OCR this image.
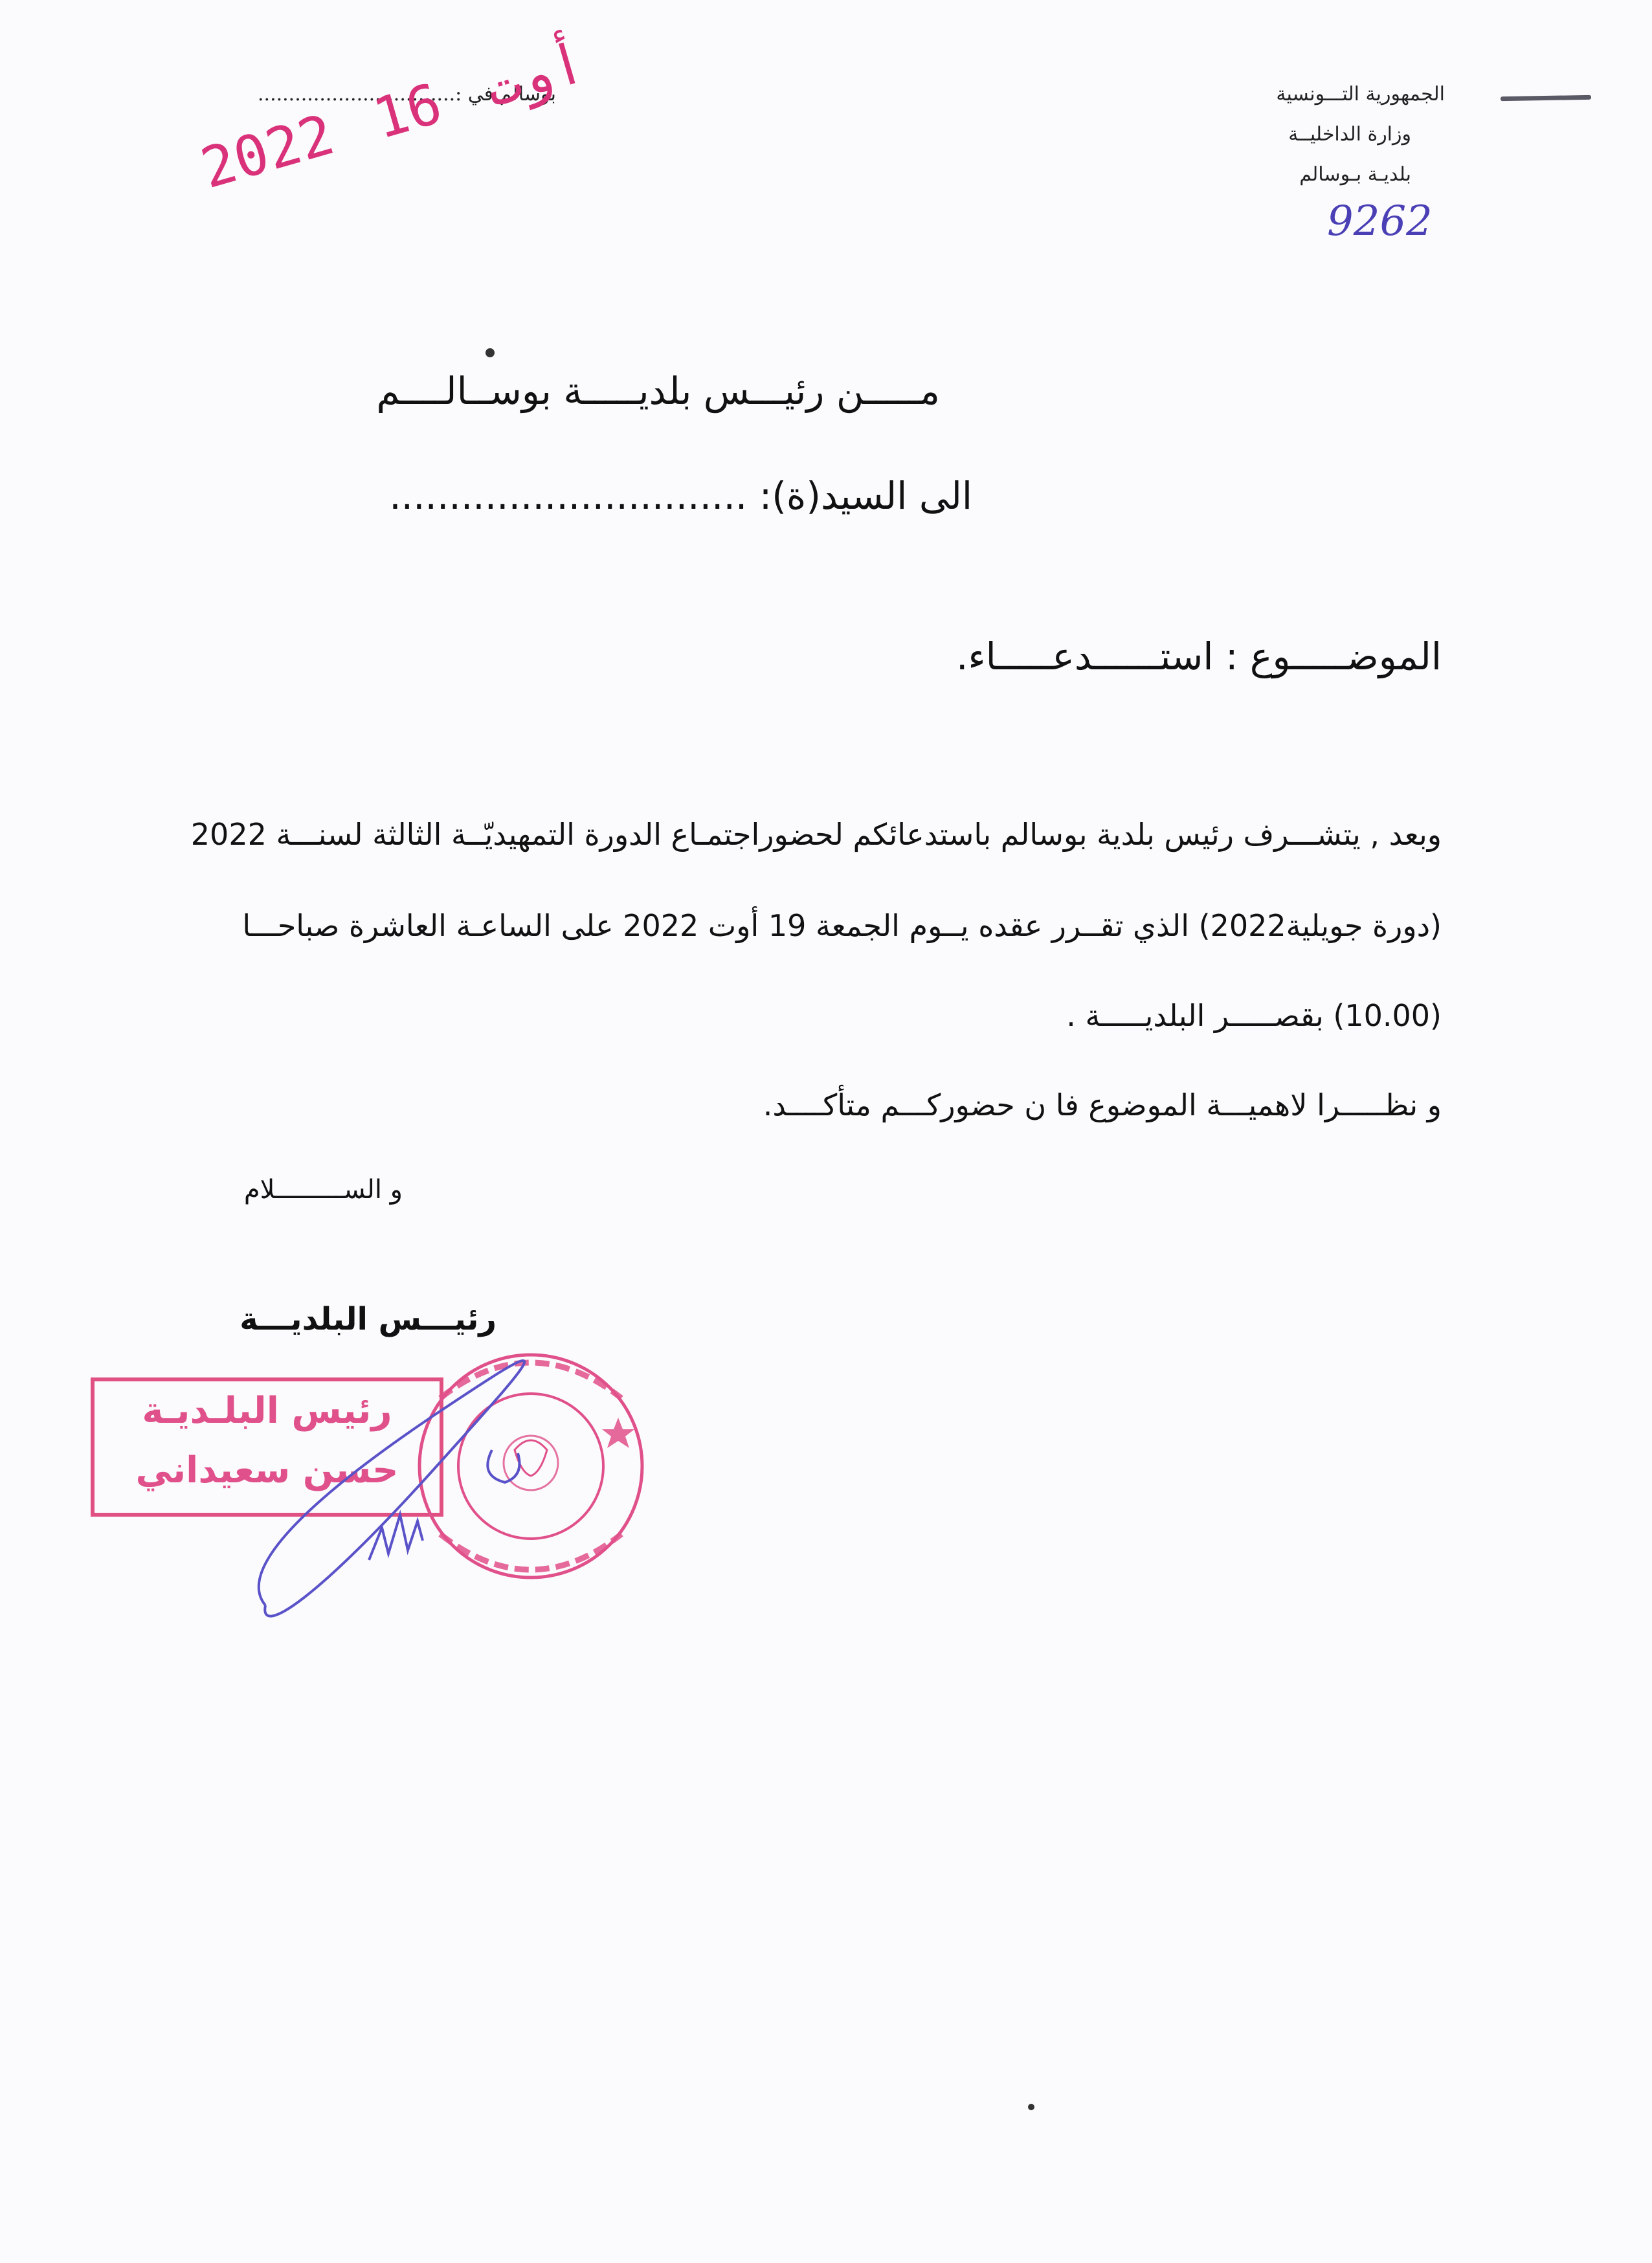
الجمهورية التـــونسية
وزارة الداخليــة
بلديـة بـوسالم
9262
بوسالم في :................................
2022 أوت 16
مـــــن رئيـــس بلديـــــة بوســالــــم
الى السيد(ة): ..............................
الموضـــــوع : استــــــدعـــــاء.
وبعد , يتشـــرف رئيس بلدية بوسالم باستدعائكم لحضوراجتمـاع الدورة التمهيديّــة الثالثة لسنـــة 2022
(دورة جويلية2022) الذي تقــرر عقده يــوم الجمعة 19 أوت 2022 على الساعـة العاشرة صباحـــا
(10.00) بقصـــــر البلديـــــة .
و نظـــــرا لاهميـــة الموضوع فا ن حضوركـــم متأكــــد.
و الســـــــــلام
رئيـــس البلديـــة
رئيس البلـديـة
حسن سعيداني
